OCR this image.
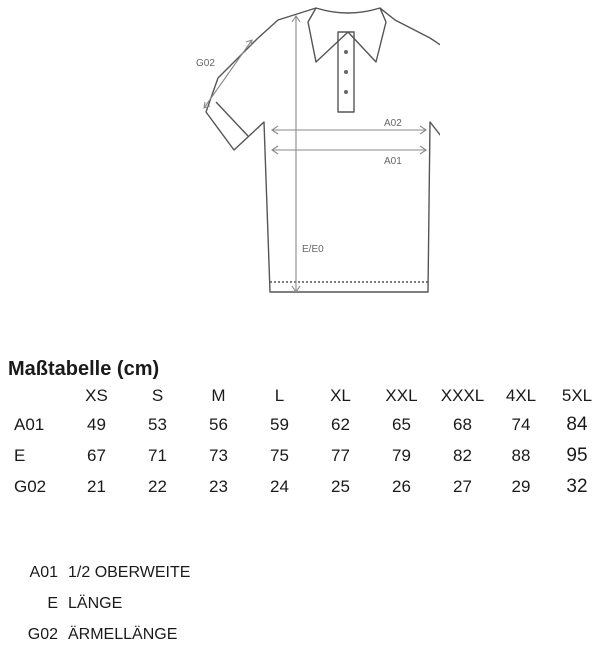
A02
A01
E/E0
G02
Maßtabelle (cm)
	XS	S	M	L	XL	XXL	XXXL	4XL	5XL
A01	49	53	56	59	62	65	68	74	84
E	67	71	73	75	77	79	82	88	95
G02	21	22	23	24	25	26	27	29	32
A01 1/2 OBERWEITE
E LÄNGE
G02 ÄRMELLÄNGE
